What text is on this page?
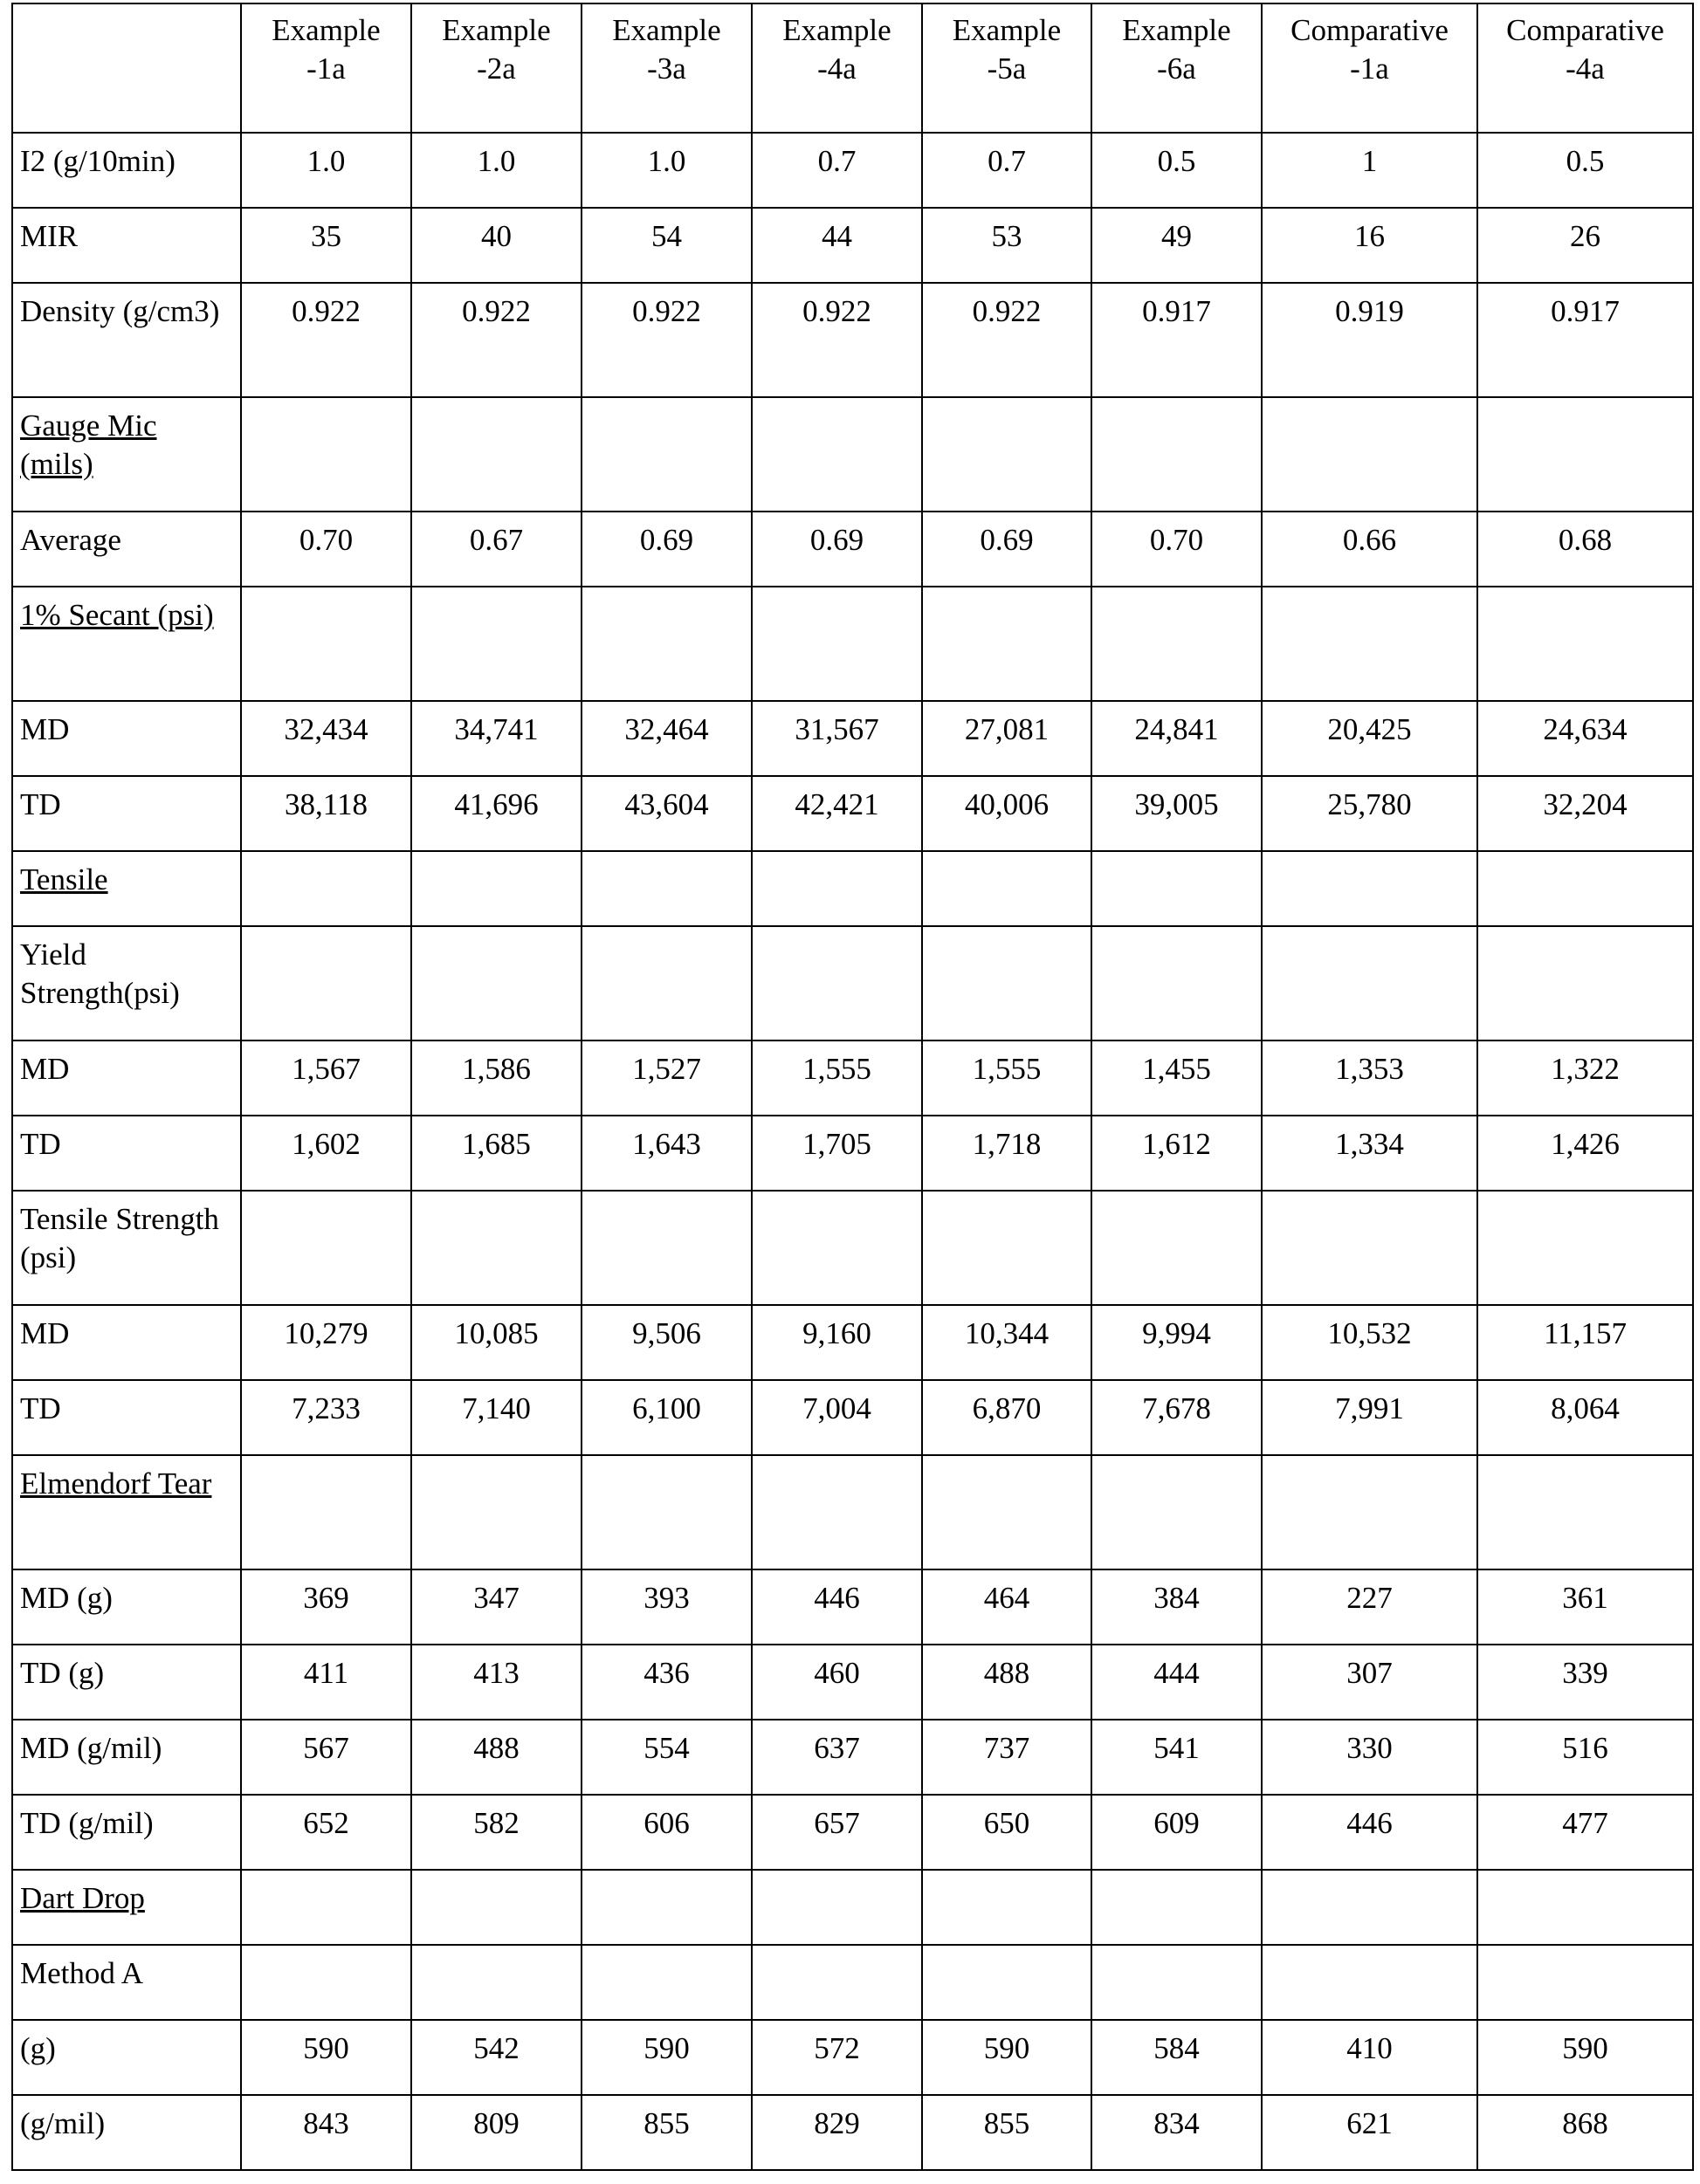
	Example
-1a	Example
-2a	Example
-3a	Example
-4a	Example
-5a	Example
-6a	Comparative
-1a	Comparative
-4a
I2 (g/10min)	1.0	1.0	1.0	0.7	0.7	0.5	1	0.5
MIR	35	40	54	44	53	49	16	26
Density (g/cm3)	0.922	0.922	0.922	0.922	0.922	0.917	0.919	0.917
Gauge Mic (mils)								
Average	0.70	0.67	0.69	0.69	0.69	0.70	0.66	0.68
1% Secant (psi)								
MD	32,434	34,741	32,464	31,567	27,081	24,841	20,425	24,634
TD	38,118	41,696	43,604	42,421	40,006	39,005	25,780	32,204
Tensile								
Yield Strength(psi)								
MD	1,567	1,586	1,527	1,555	1,555	1,455	1,353	1,322
TD	1,602	1,685	1,643	1,705	1,718	1,612	1,334	1,426
Tensile Strength (psi)								
MD	10,279	10,085	9,506	9,160	10,344	9,994	10,532	11,157
TD	7,233	7,140	6,100	7,004	6,870	7,678	7,991	8,064
Elmendorf Tear								
MD (g)	369	347	393	446	464	384	227	361
TD (g)	411	413	436	460	488	444	307	339
MD (g/mil)	567	488	554	637	737	541	330	516
TD (g/mil)	652	582	606	657	650	609	446	477
Dart Drop								
Method A								
(g)	590	542	590	572	590	584	410	590
(g/mil)	843	809	855	829	855	834	621	868
